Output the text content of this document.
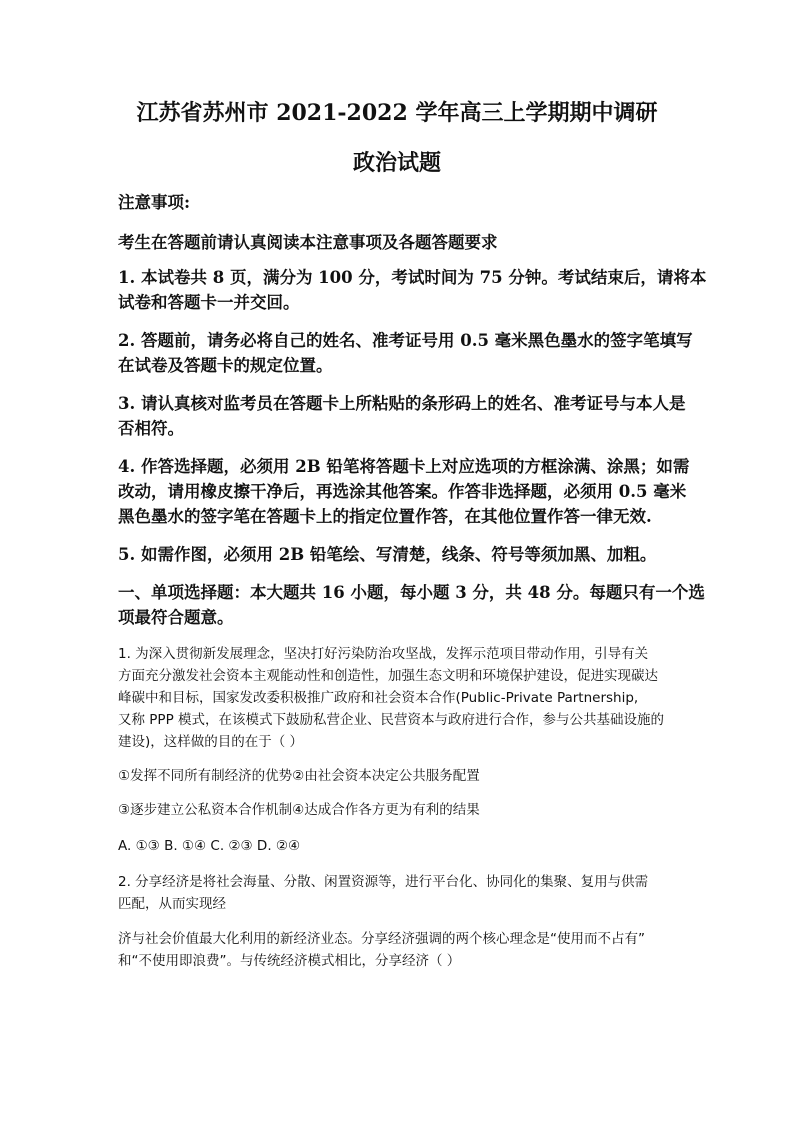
江苏省苏州市 2021-2022 学年高三上学期期中调研
政治试题
注意事项:
考生在答题前请认真阅读本注意事项及各题答题要求
1. 本试卷共 8 页，满分为 100 分，考试时间为 75 分钟。考试结束后，请将本
试卷和答题卡一并交回。
2. 答题前，请务必将自己的姓名、准考证号用 0.5 毫米黑色墨水的签字笔填写
在试卷及答题卡的规定位置。
3. 请认真核对监考员在答题卡上所粘贴的条形码上的姓名、准考证号与本人是
否相符。
4. 作答选择题，必须用 2B 铅笔将答题卡上对应选项的方框涂满、涂黑；如需
改动，请用橡皮擦干净后，再选涂其他答案。作答非选择题，必须用 0.5 毫米
黑色墨水的签字笔在答题卡上的指定位置作答，在其他位置作答一律无效.
5. 如需作图，必须用 2B 铅笔绘、写清楚，线条、符号等须加黑、加粗。
一、单项选择题：本大题共 16 小题，每小题 3 分，共 48 分。每题只有一个选
项最符合题意。
1. 为深入贯彻新发展理念，坚决打好污染防治攻坚战，发挥示范项目带动作用，引导有关
方面充分激发社会资本主观能动性和创造性，加强生态文明和环境保护建设，促进实现碳达
峰碳中和目标，国家发改委积极推广政府和社会资本合作(Public-Private Partnership,
又称 PPP 模式，在该模式下鼓励私营企业、民营资本与政府进行合作，参与公共基础设施的
建设)，这样做的目的在于（ ）
①发挥不同所有制经济的优势②由社会资本决定公共服务配置
③逐步建立公私资本合作机制④达成合作各方更为有利的结果
A. ①③ B. ①④ C. ②③ D. ②④
2. 分享经济是将社会海量、分散、闲置资源等，进行平台化、协同化的集聚、复用与供需
匹配，从而实现经
济与社会价值最大化利用的新经济业态。分享经济强调的两个核心理念是“使用而不占有”
和“不使用即浪费”。与传统经济模式相比，分享经济（ ）
